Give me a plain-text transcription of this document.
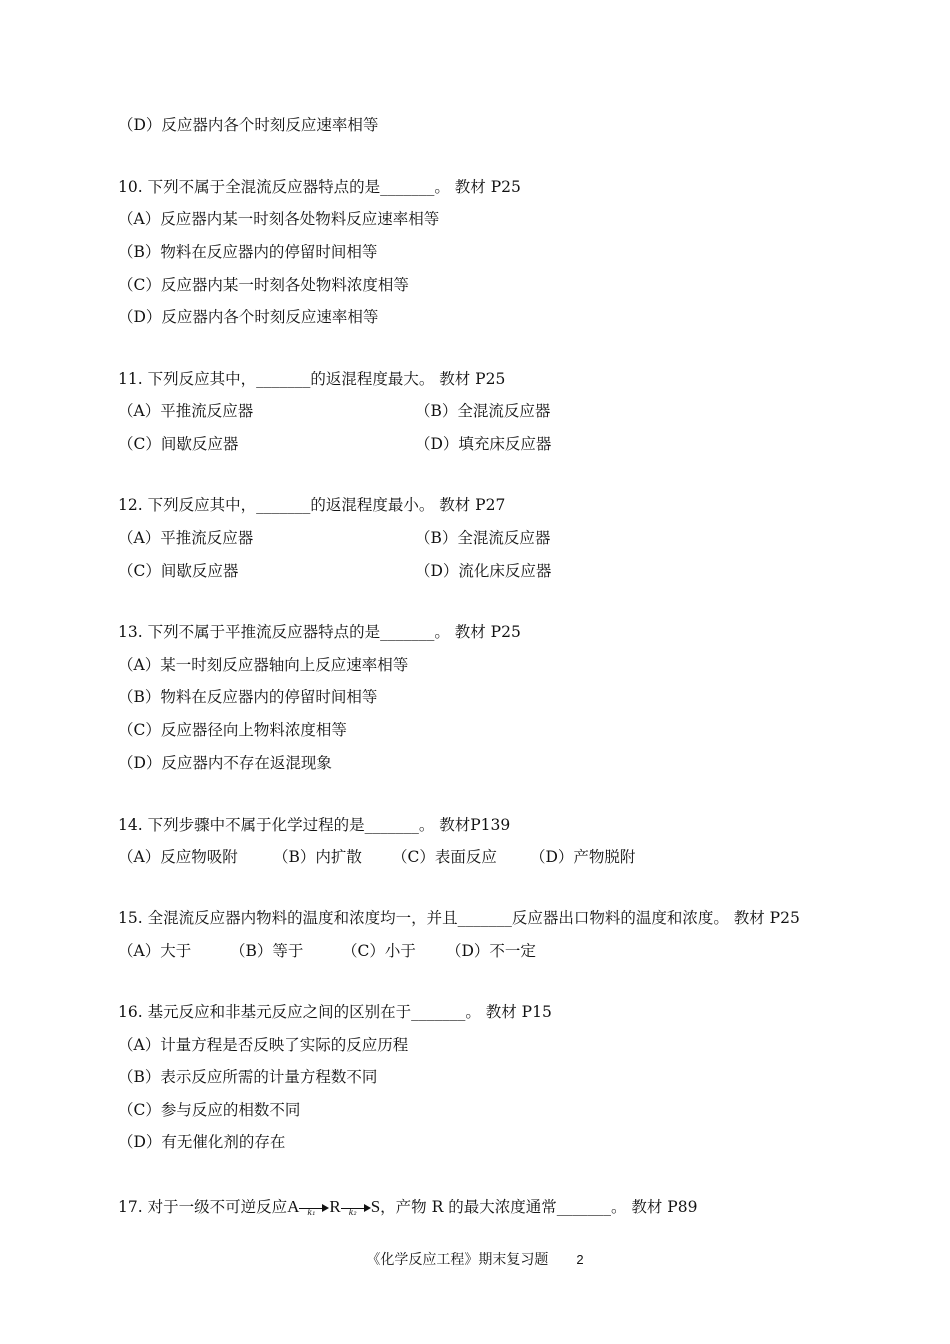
（D）反应器内各个时刻反应速率相等
10. 下列不属于全混流反应器特点的是_______。 教材 P25
（A）反应器内某一时刻各处物料反应速率相等
（B）物料在反应器内的停留时间相等
（C）反应器内某一时刻各处物料浓度相等
（D）反应器内各个时刻反应速率相等
11. 下列反应其中，_______的返混程度最大。 教材 P25
（A）平推流反应器	（B）全混流反应器
（C）间歇反应器	（D）填充床反应器
12. 下列反应其中，_______的返混程度最小。 教材 P27
（A）平推流反应器	（B）全混流反应器
（C）间歇反应器	（D）流化床反应器
13. 下列不属于平推流反应器特点的是_______。 教材 P25
（A）某一时刻反应器轴向上反应速率相等
（B）物料在反应器内的停留时间相等
（C）反应器径向上物料浓度相等
（D）反应器内不存在返混现象
14. 下列步骤中不属于化学过程的是_______。 教材P139
（A）反应物吸附 （B）内扩散 （C）表面反应 （D）产物脱附
15. 全混流反应器内物料的温度和浓度均一，并且_______反应器出口物料的温度和浓度。 教材 P25
（A）大于	（B）等于 （C）小于 （D）不一定
16. 基元反应和非基元反应之间的区别在于_______。 教材 P15
（A）计量方程是否反映了实际的反应历程
（B）表示反应所需的计量方程数不同
（C）参与反应的相数不同
（D）有无催化剂的存在
17. 对于一级不可逆反应A k₁ R k₂ S，产物 R 的最大浓度通常_______。 教材 P89
《化学反应工程》期末复习题 2
